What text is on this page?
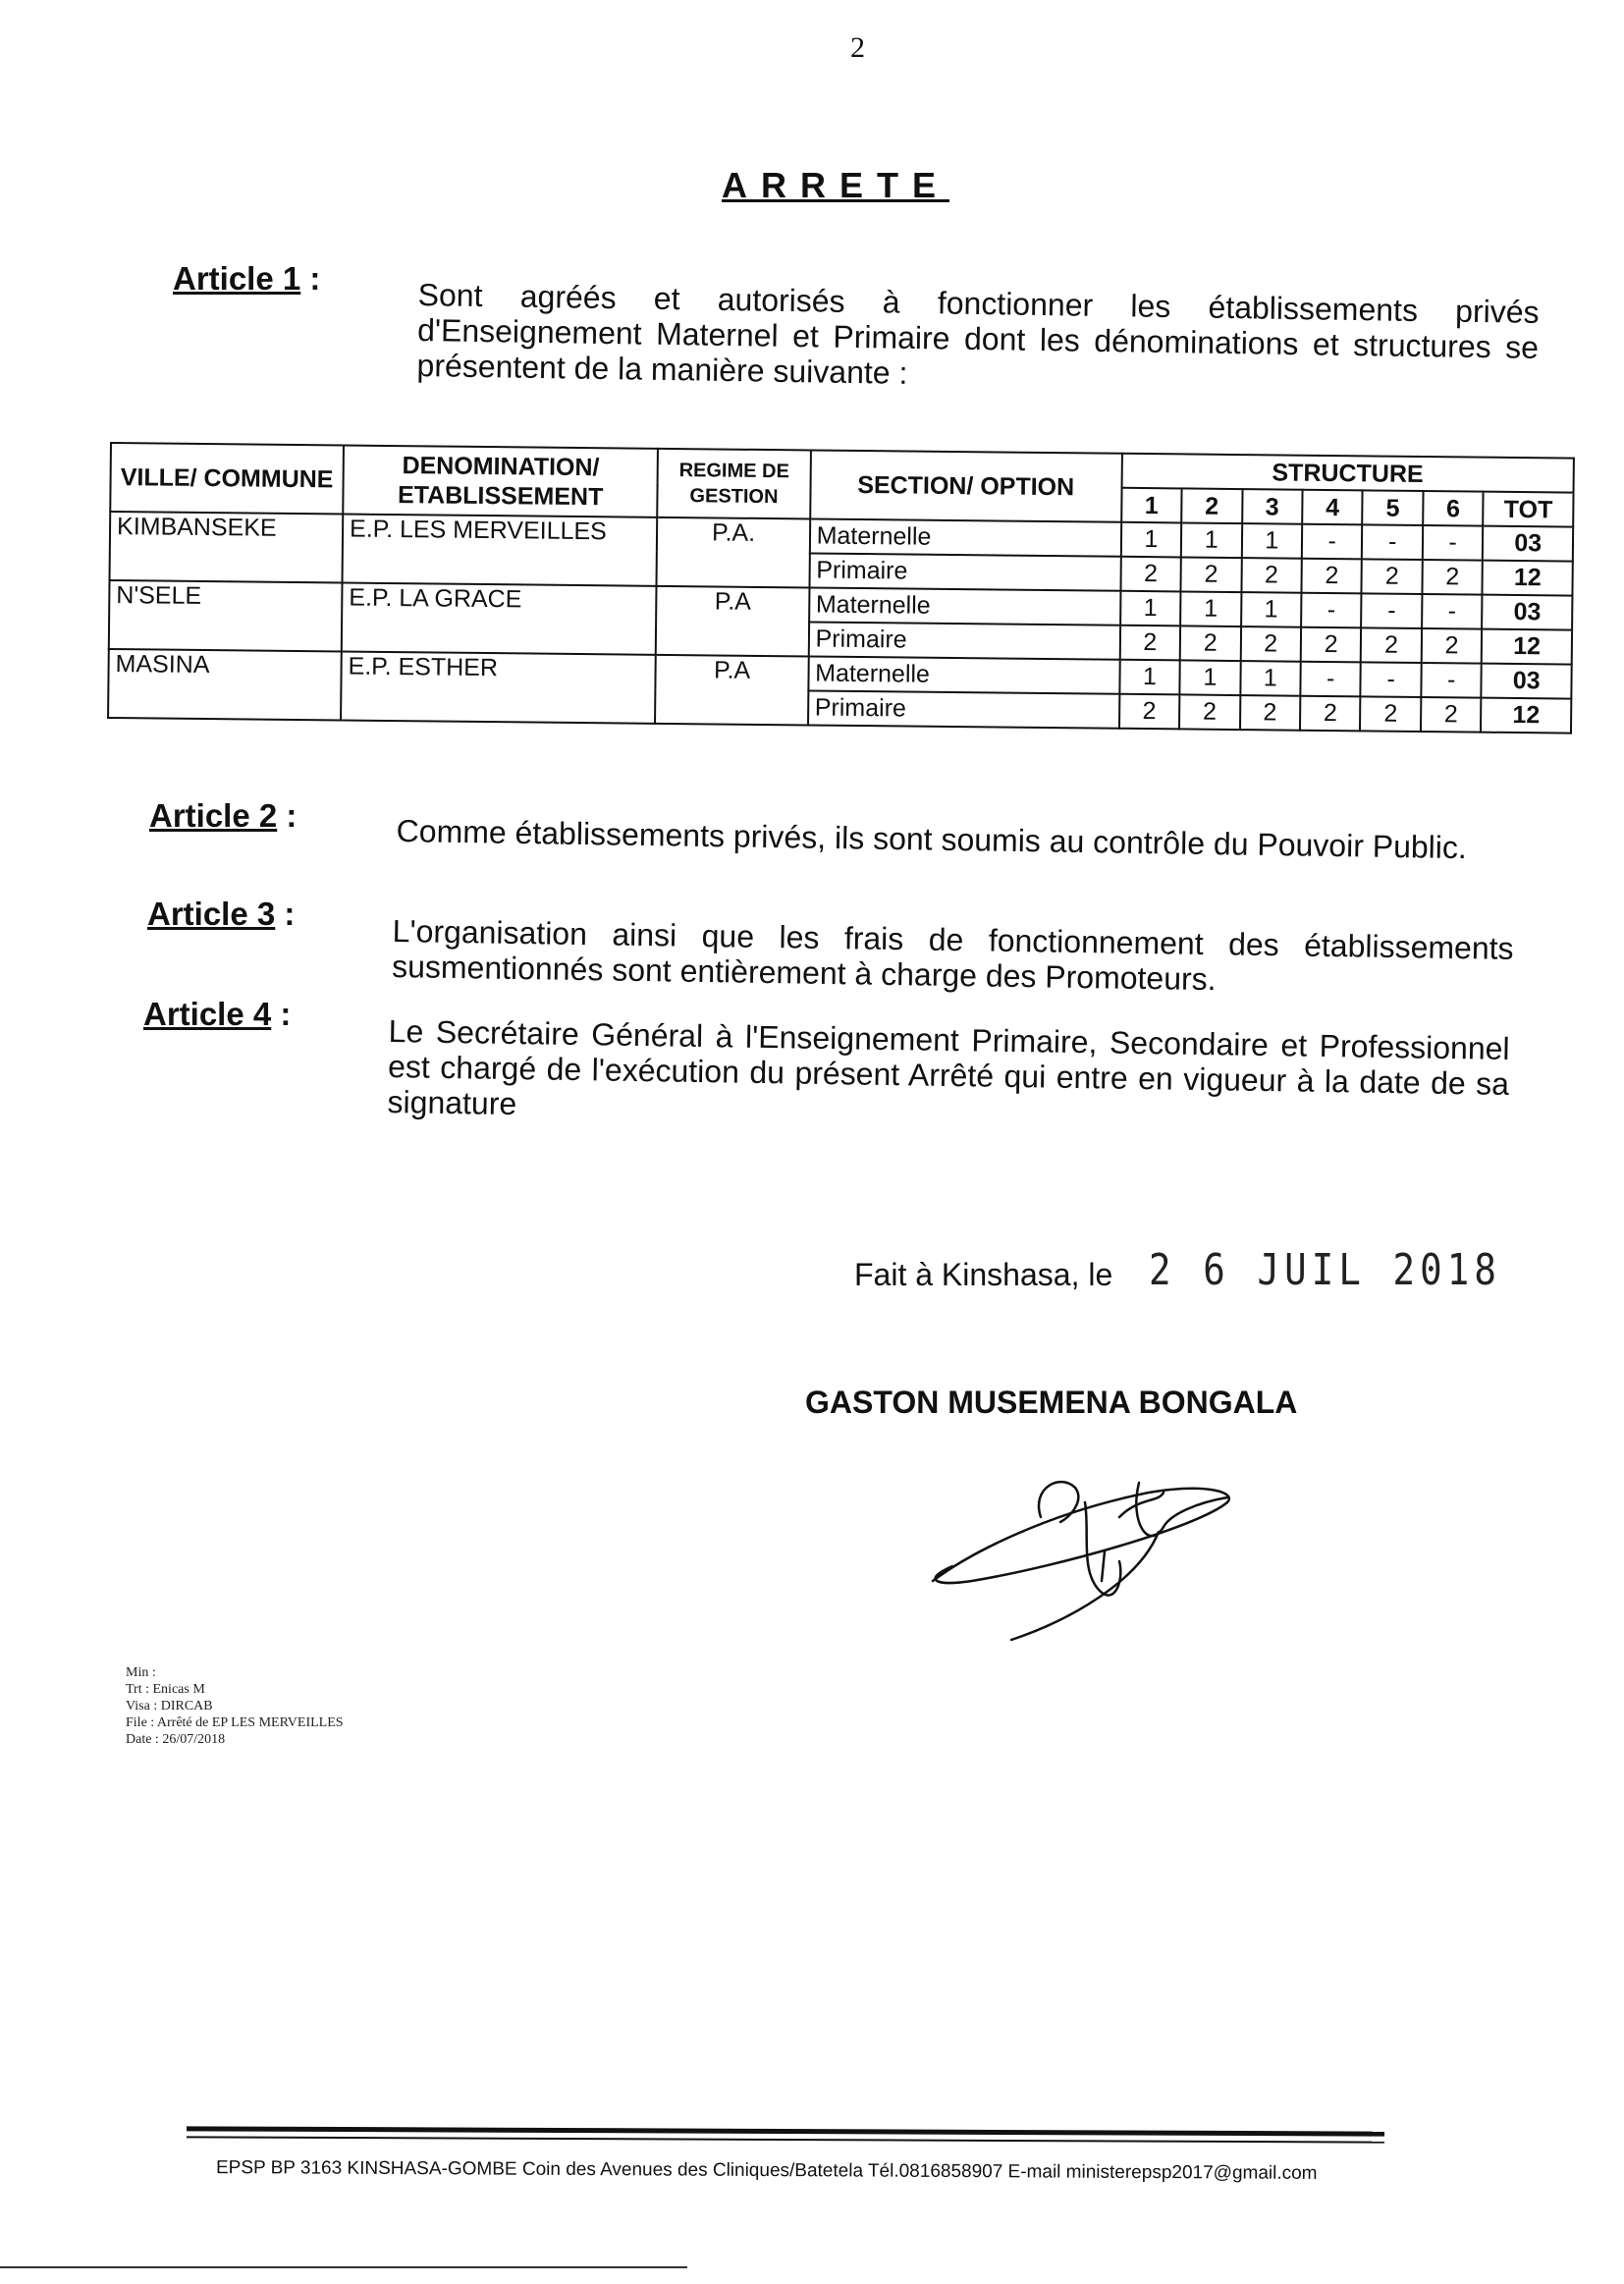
2
ARRETE
Article 1 :	Sont agréés et autorisés à fonctionner les établissements privés d'Enseignement Maternel et Primaire dont les dénominations et structures se présentent de la manière suivante :
VILLE/ COMMUNE	DENOMINATION/ ETABLISSEMENT	REGIME DE GESTION	SECTION/ OPTION	STRUCTURE						
				1	2	3	4	5	6	TOT
KIMBANSEKE	E.P. LES MERVEILLES	P.A.	Maternelle	1	1	1	-	-	-	03
			Primaire	2	2	2	2	2	2	12
N'SELE	E.P. LA GRACE	P.A	Maternelle	1	1	1	-	-	-	03
			Primaire	2	2	2	2	2	2	12
MASINA	E.P. ESTHER	P.A	Maternelle	1	1	1	-	-	-	03
			Primaire	2	2	2	2	2	2	12
Article 2 :	Comme établissements privés, ils sont soumis au contrôle du Pouvoir Public.
Article 3 :	L'organisation ainsi que les frais de fonctionnement des établissements susmentionnés sont entièrement à charge des Promoteurs.
Article 4 :	Le Secrétaire Général à l'Enseignement Primaire, Secondaire et Professionnel est chargé de l'exécution du présent Arrêté qui entre en vigueur à la date de sa signature
Fait à Kinshasa, le 2 6 JUIL 2018
GASTON MUSEMENA BONGALA
Min :
Trt : Enicas M
Visa : DIRCAB
File : Arrêté de EP LES MERVEILLES
Date : 26/07/2018
EPSP BP 3163 KINSHASA-GOMBE Coin des Avenues des Cliniques/Batetela Tél.0816858907 E-mail ministerepsp2017@gmail.com
